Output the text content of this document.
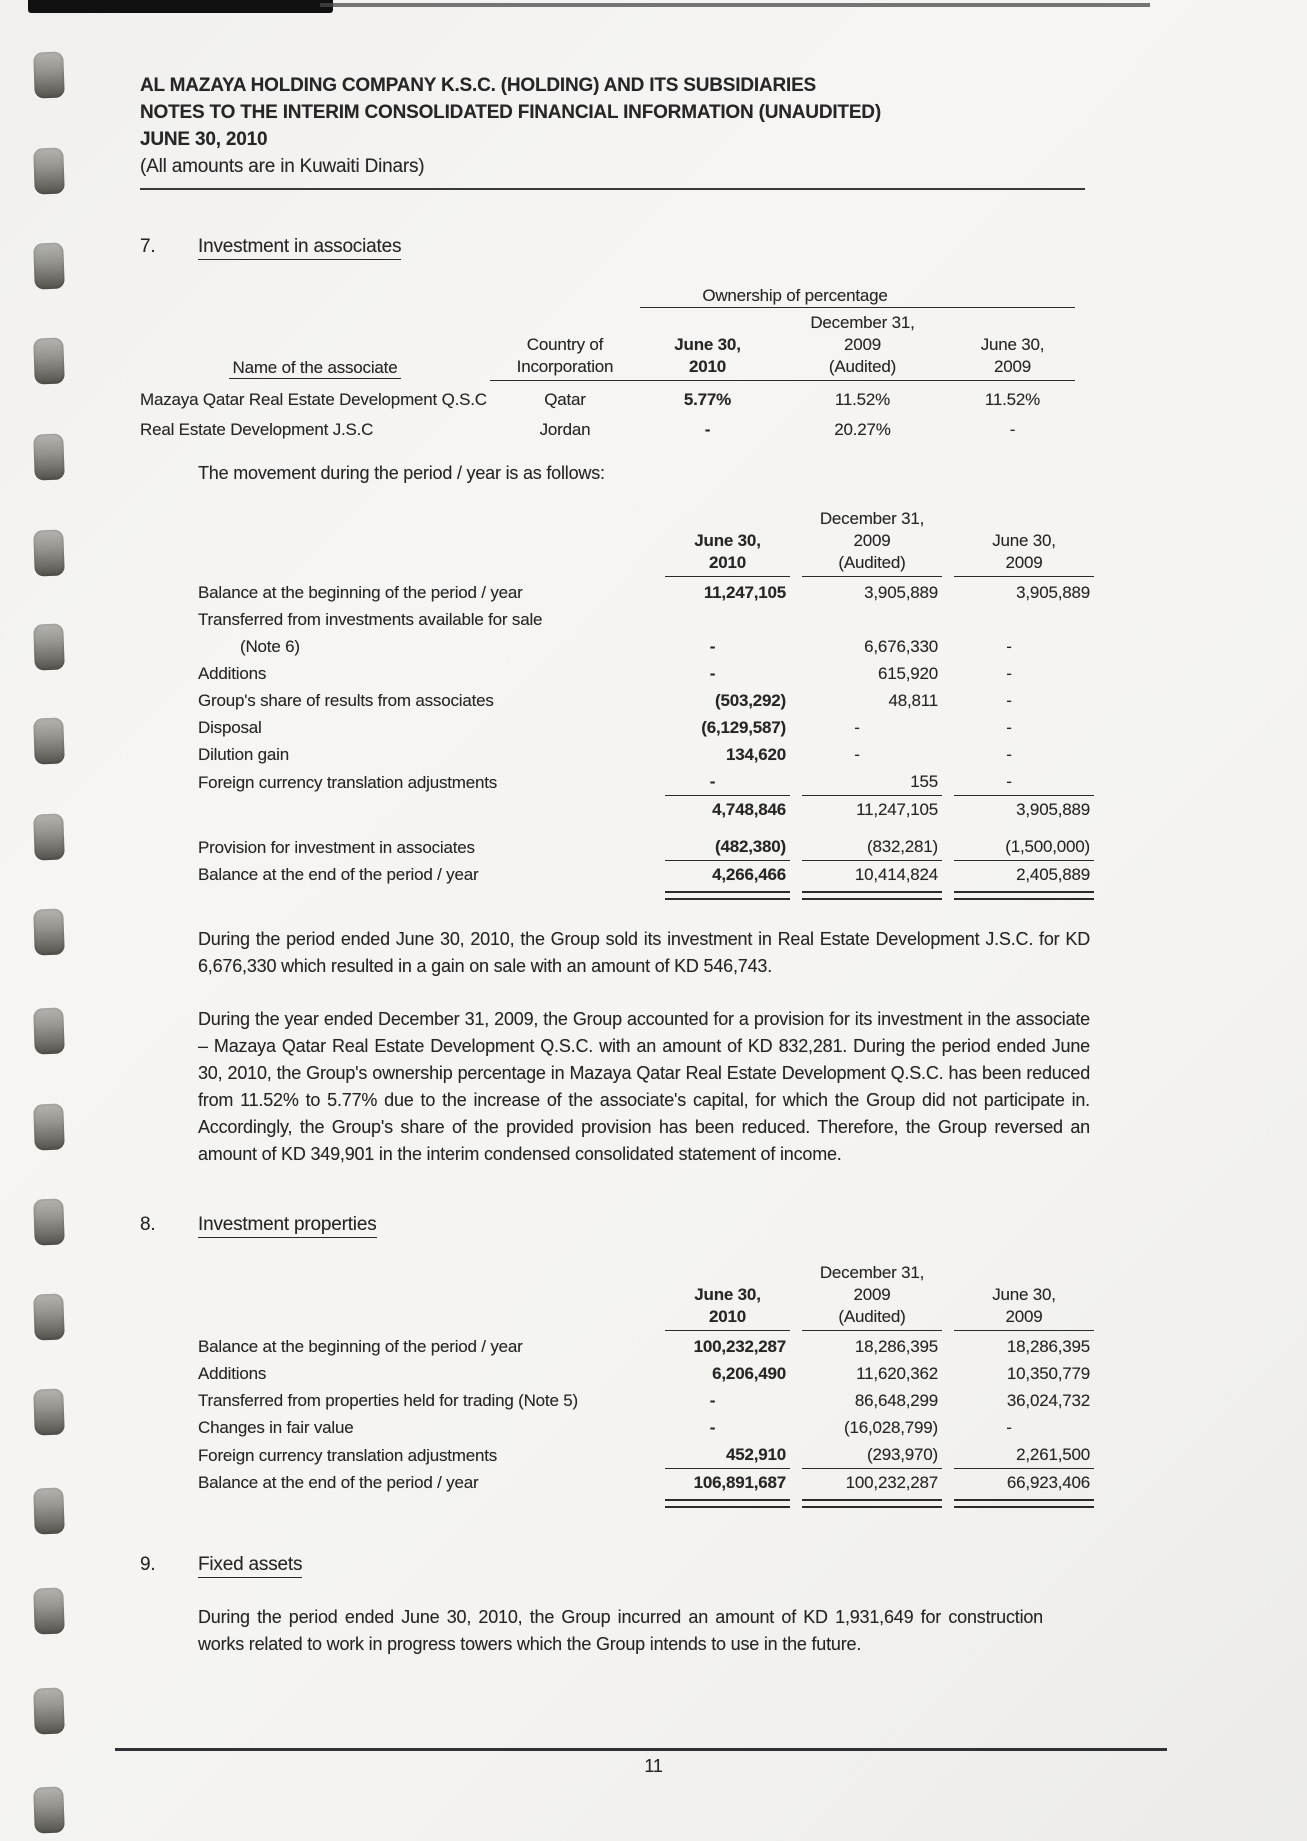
AL MAZAYA HOLDING COMPANY K.S.C. (HOLDING) AND ITS SUBSIDIARIES
NOTES TO THE INTERIM CONSOLIDATED FINANCIAL INFORMATION (UNAUDITED)
JUNE 30, 2010
(All amounts are in Kuwaiti Dinars)
7.	Investment in associates
Ownership of percentage
Name of the associate
Country of
Incorporation
June 30,
2010
December 31,
2009
(Audited)
June 30,
2009
Mazaya Qatar Real Estate Development Q.S.C	Qatar	5.77%	11.52%	11.52%
Real Estate Development J.S.C	Jordan	-	20.27%	-
The movement during the period / year is as follows:
June 30,
2010
December 31,
2009
(Audited)
June 30,
2009
Balance at the beginning of the period / year	11,247,105	3,905,889	3,905,889
Transferred from investments available for sale
(Note 6)	-	6,676,330	-
Additions	-	615,920	-
Group's share of results from associates	(503,292)	48,811	-
Disposal	(6,129,587)	-	-
Dilution gain	134,620	-	-
Foreign currency translation adjustments	-	155	-
4,748,846	11,247,105	3,905,889
Provision for investment in associates	(482,380)	(832,281)	(1,500,000)
Balance at the end of the period / year	4,266,466	10,414,824	2,405,889
During the period ended June 30, 2010, the Group sold its investment in Real Estate Development J.S.C. for KD 6,676,330 which resulted in a gain on sale with an amount of KD 546,743.
During the year ended December 31, 2009, the Group accounted for a provision for its investment in the associate – Mazaya Qatar Real Estate Development Q.S.C. with an amount of KD 832,281. During the period ended June 30, 2010, the Group's ownership percentage in Mazaya Qatar Real Estate Development Q.S.C. has been reduced from 11.52% to 5.77% due to the increase of the associate's capital, for which the Group did not participate in. Accordingly, the Group's share of the provided provision has been reduced. Therefore, the Group reversed an amount of KD 349,901 in the interim condensed consolidated statement of income.
8.	Investment properties
June 30,
2010
December 31,
2009
(Audited)
June 30,
2009
Balance at the beginning of the period / year	100,232,287	18,286,395	18,286,395
Additions	6,206,490	11,620,362	10,350,779
Transferred from properties held for trading (Note 5)	-	86,648,299	36,024,732
Changes in fair value	-	(16,028,799)	-
Foreign currency translation adjustments	452,910	(293,970)	2,261,500
Balance at the end of the period / year	106,891,687	100,232,287	66,923,406
9.	Fixed assets
During the period ended June 30, 2010, the Group incurred an amount of KD 1,931,649 for construction works related to work in progress towers which the Group intends to use in the future.
11
